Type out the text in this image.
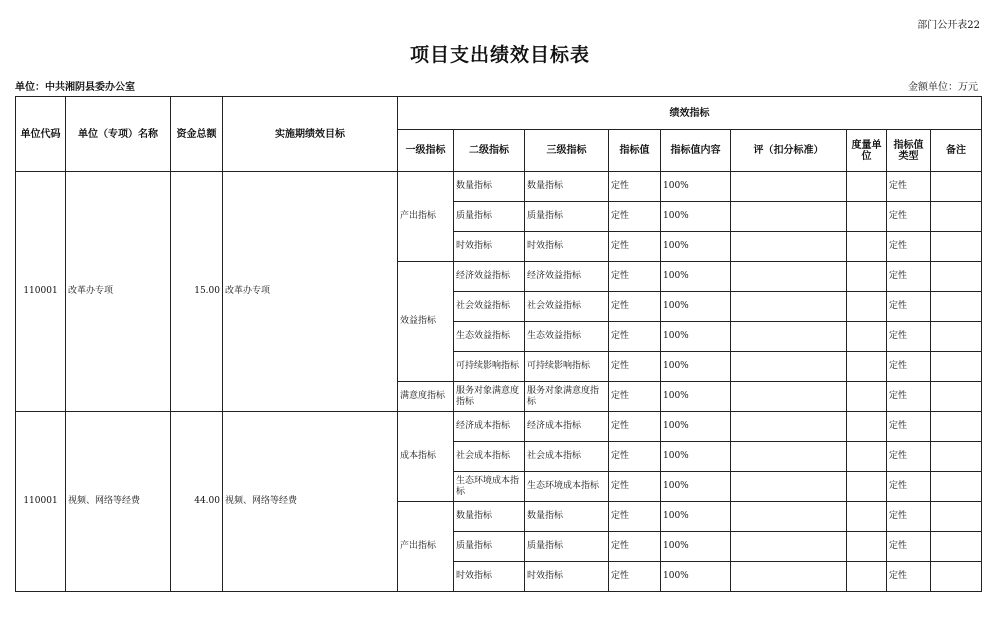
部门公开表22
项目支出绩效目标表
单位：中共湘阴县委办公室	金额单位：万元
单位代码	单位（专项）名称	资金总额	实施期绩效目标	绩效指标								
				一级指标	二级指标	三级指标	指标值	指标值内容	评（扣分标准）	度量单位	指标值类型	备注
110001	改革办专项	15.00	改革办专项	产出指标	数量指标	数量指标	定性	100%			定性	
					质量指标	质量指标	定性	100%			定性	
					时效指标	时效指标	定性	100%			定性	
				效益指标	经济效益指标	经济效益指标	定性	100%			定性	
					社会效益指标	社会效益指标	定性	100%			定性	
					生态效益指标	生态效益指标	定性	100%			定性	
					可持续影响指标	可持续影响指标	定性	100%			定性	
				满意度指标	服务对象满意度指标	服务对象满意度指标	定性	100%			定性	
110001	视频、网络等经费	44.00	视频、网络等经费	成本指标	经济成本指标	经济成本指标	定性	100%			定性	
					社会成本指标	社会成本指标	定性	100%			定性	
					生态环境成本指标	生态环境成本指标	定性	100%			定性	
				产出指标	数量指标	数量指标	定性	100%			定性	
					质量指标	质量指标	定性	100%			定性	
					时效指标	时效指标	定性	100%			定性	
